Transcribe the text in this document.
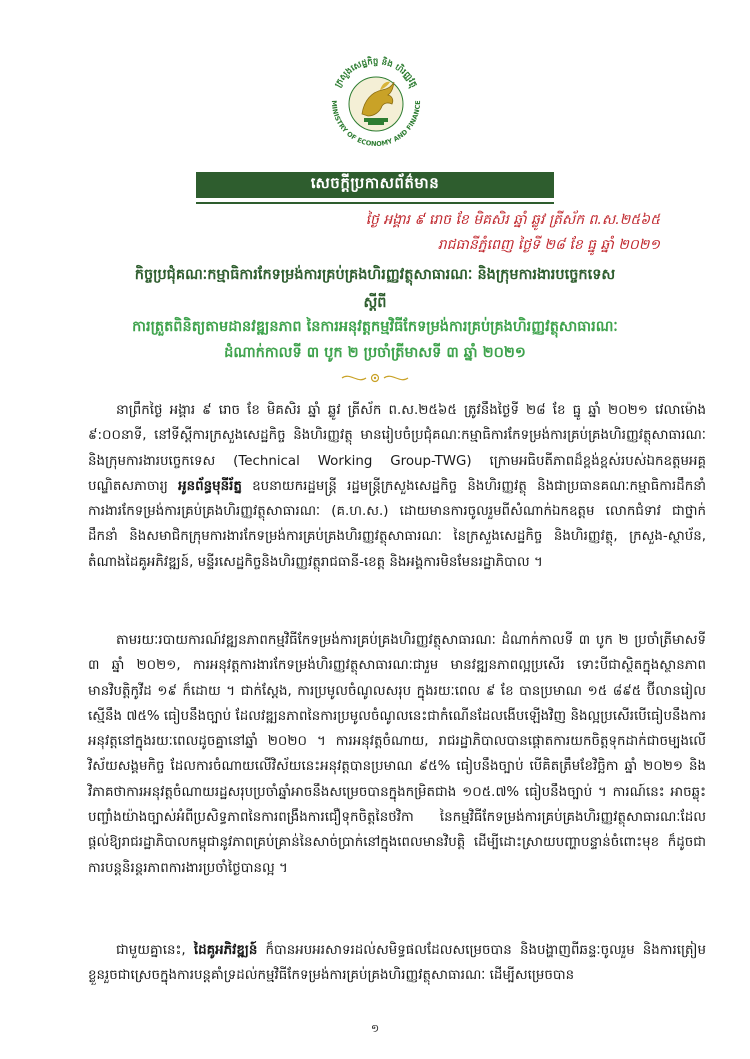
ក្រសួងសេដ្ឋកិច្ច និង ហិរញ្ញវត្ថុ
MINISTRY OF ECONOMY AND FINANCE
សេចក្តីប្រកាសព័ត៌មាន
ថ្ងៃ អង្គារ ៩ រោច ខែ មិគសិរ ឆ្នាំ ឆ្លូវ ត្រីស័ក ព.ស.២៥៦៥
រាជធានីភ្នំពេញ ថ្ងៃទី ២៨ ខែ ធ្នូ ឆ្នាំ ២០២១
កិច្ចប្រជុំគណៈកម្មាធិការកែទម្រង់ការគ្រប់គ្រងហិរញ្ញវត្ថុសាធារណៈ និងក្រុមការងារបច្ចេកទេស
ស្តីពី
ការត្រួតពិនិត្យតាមដានវឌ្ឍនភាព នៃការអនុវត្តកម្មវិធីកែទម្រង់ការគ្រប់គ្រងហិរញ្ញវត្ថុសាធារណៈ
ដំណាក់កាលទី ៣ បូក ២ ប្រចាំត្រីមាសទី ៣ ឆ្នាំ ២០២១

នាព្រឹកថ្ងៃ អង្គារ ៩ រោច ខែ មិគសិរ ឆ្នាំ ឆ្លូវ ត្រីស័ក ព.ស.២៥៦៥ ត្រូវនឹងថ្ងៃទី ២៨ ខែ ធ្នូ ឆ្នាំ ២០២១ វេលាម៉ោង ៩:០០នាទី, នៅទីស្តីការក្រសួងសេដ្ឋកិច្ច និងហិរញ្ញវត្ថុ មានរៀបចំប្រជុំគណៈកម្មាធិការកែទម្រង់ការគ្រប់គ្រងហិរញ្ញវត្ថុសាធារណៈ និងក្រុមការងារបច្ចេកទេស (Technical Working Group-TWG) ក្រោមអធិបតីភាពដ៏ខ្ពង់ខ្ពស់របស់ឯកឧត្តមអគ្គបណ្ឌិតសភាចារ្យ អូនព័ន្ធមុនីរ័ត្ន ឧបនាយករដ្ឋមន្ត្រី រដ្ឋមន្ត្រីក្រសួងសេដ្ឋកិច្ច និងហិរញ្ញវត្ថុ និងជាប្រធានគណៈកម្មាធិការដឹកនាំការងារកែទម្រង់ការគ្រប់គ្រងហិរញ្ញវត្ថុសាធារណៈ (គ.ហ.ស.) ដោយមានការចូលរួមពីសំណាក់ឯកឧត្តម លោកជំទាវ ជាថ្នាក់ដឹកនាំ និងសមាជិកក្រុមការងារកែទម្រង់ការគ្រប់គ្រងហិរញ្ញវត្ថុសាធារណៈ នៃក្រសួងសេដ្ឋកិច្ច និងហិរញ្ញវត្ថុ, ក្រសួង-ស្ថាប័ន, តំណាងដៃគូអភិវឌ្ឍន៍, មន្ទីរសេដ្ឋកិច្ចនិងហិរញ្ញវត្ថុរាជធានី-ខេត្ត និងអង្គការមិនមែនរដ្ឋាភិបាល ។

តាមរយៈរបាយការណ៍វឌ្ឍនភាពកម្មវិធីកែទម្រង់ការគ្រប់គ្រងហិរញ្ញវត្ថុសាធារណៈ ដំណាក់កាលទី ៣ បូក ២ ប្រចាំត្រីមាសទី ៣ ឆ្នាំ ២០២១, ការអនុវត្តការងារកែទម្រង់ហិរញ្ញវត្ថុសាធារណៈជារួម មានវឌ្ឍនភាពល្អប្រសើរ ទោះបីជាស្ថិតក្នុងស្ថានភាពមានវិបត្តិកូវីដ ១៩ ក៏ដោយ ។ ជាក់ស្តែង, ការប្រមូលចំណូលសរុប ក្នុងរយៈពេល ៩ ខែ បានប្រមាណ ១៥ ៨៩៥ ប៊ីលានរៀល ស្មើនឹង ៧៥% ធៀបនឹងច្បាប់ ដែលវឌ្ឍនភាពនៃការប្រមូលចំណូលនេះជាកំណើនដែលងើបឡើងវិញ និងល្អប្រសើរបើធៀបនឹងការអនុវត្តនៅក្នុងរយៈពេលដូចគ្នានៅឆ្នាំ ២០២០ ។ ការអនុវត្តចំណាយ, រាជរដ្ឋាភិបាលបានផ្តោតការយកចិត្តទុកដាក់ជាចម្បងលើវិស័យសង្គមកិច្ច ដែលការចំណាយលើវិស័យនេះអនុវត្តបានប្រមាណ ៩៥% ធៀបនឹងច្បាប់ បើគិតត្រឹមខែវិច្ឆិកា ឆ្នាំ ២០២១ និងវិភាគថាការអនុវត្តចំណាយរដ្ឋសរុបប្រចាំឆ្នាំអាចនឹងសម្រេចបានក្នុងកម្រិតជាង ១០៥.៧% ធៀបនឹងច្បាប់ ។ ការណ៍នេះ អាចឆ្លុះបញ្ចាំងយ៉ាងច្បាស់អំពីប្រសិទ្ធភាពនៃការពង្រឹងការជឿទុកចិត្តនៃថវិកា នៃកម្មវិធីកែទម្រង់ការគ្រប់គ្រងហិរញ្ញវត្ថុសាធារណៈដែលផ្តល់ឱ្យរាជរដ្ឋាភិបាលកម្ពុជានូវភាពគ្រប់គ្រាន់នៃសាច់ប្រាក់នៅក្នុងពេលមានវិបត្តិ ដើម្បីដោះស្រាយបញ្ហាបន្ទាន់ចំពោះមុខ ក៏ដូចជាការបន្តនិរន្តរភាពការងារប្រចាំថ្ងៃបានល្អ ។

ជាមួយគ្នានេះ, ដៃគូអភិវឌ្ឍន៍ ក៏បានអបអរសាទរដល់សមិទ្ធផលដែលសម្រេចបាន និងបង្ហាញពីឆន្ទៈចូលរួម និងការត្រៀមខ្លួនរួចជាស្រេចក្នុងការបន្តគាំទ្រដល់កម្មវិធីកែទម្រង់ការគ្រប់គ្រងហិរញ្ញវត្ថុសាធារណៈ ដើម្បីសម្រេចបាន

១
